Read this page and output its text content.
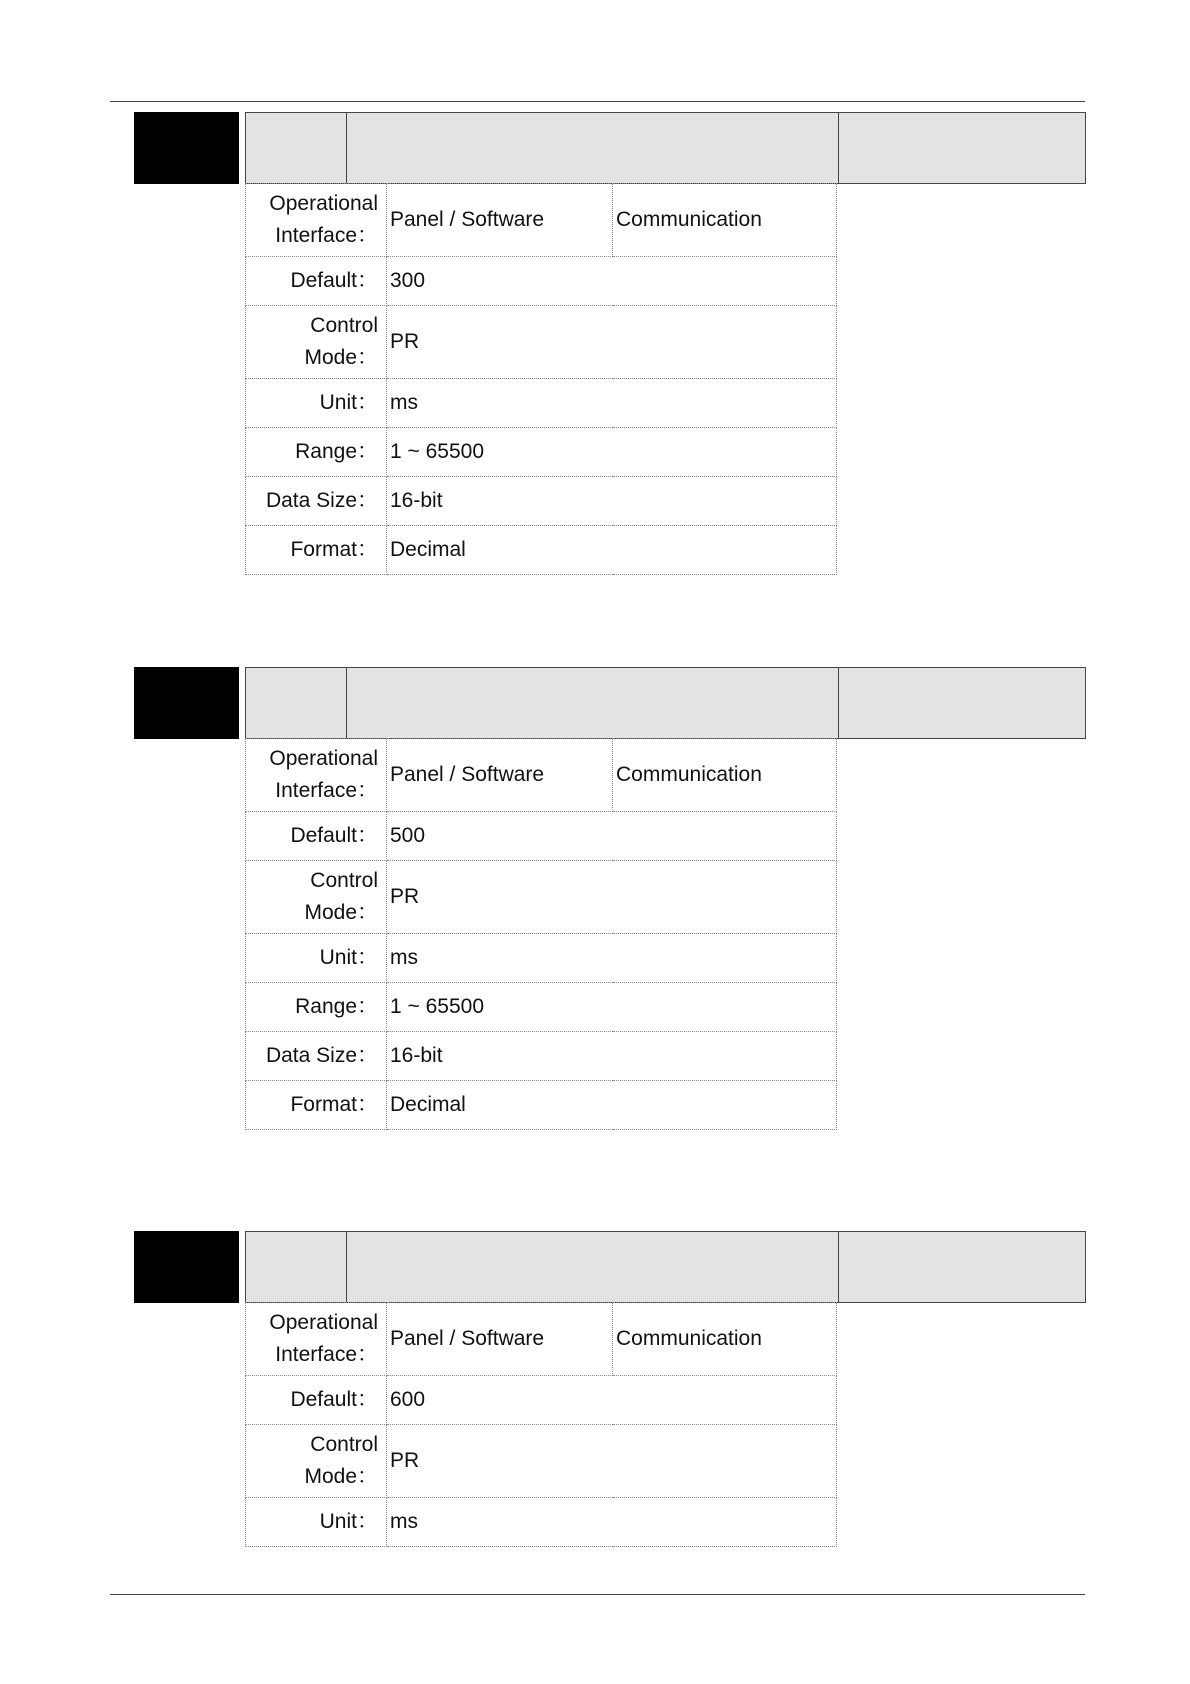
Operational
Interface：	Panel / Software	Communication
Default：	300	
Control
Mode：	PR	
Unit：	ms	
Range：	1 ~ 65500	
Data Size：	16-bit	
Format：	Decimal	
Operational
Interface：	Panel / Software	Communication
Default：	500	
Control
Mode：	PR	
Unit：	ms	
Range：	1 ~ 65500	
Data Size：	16-bit	
Format：	Decimal	
Operational
Interface：	Panel / Software	Communication
Default：	600	
Control
Mode：	PR	
Unit：	ms	
